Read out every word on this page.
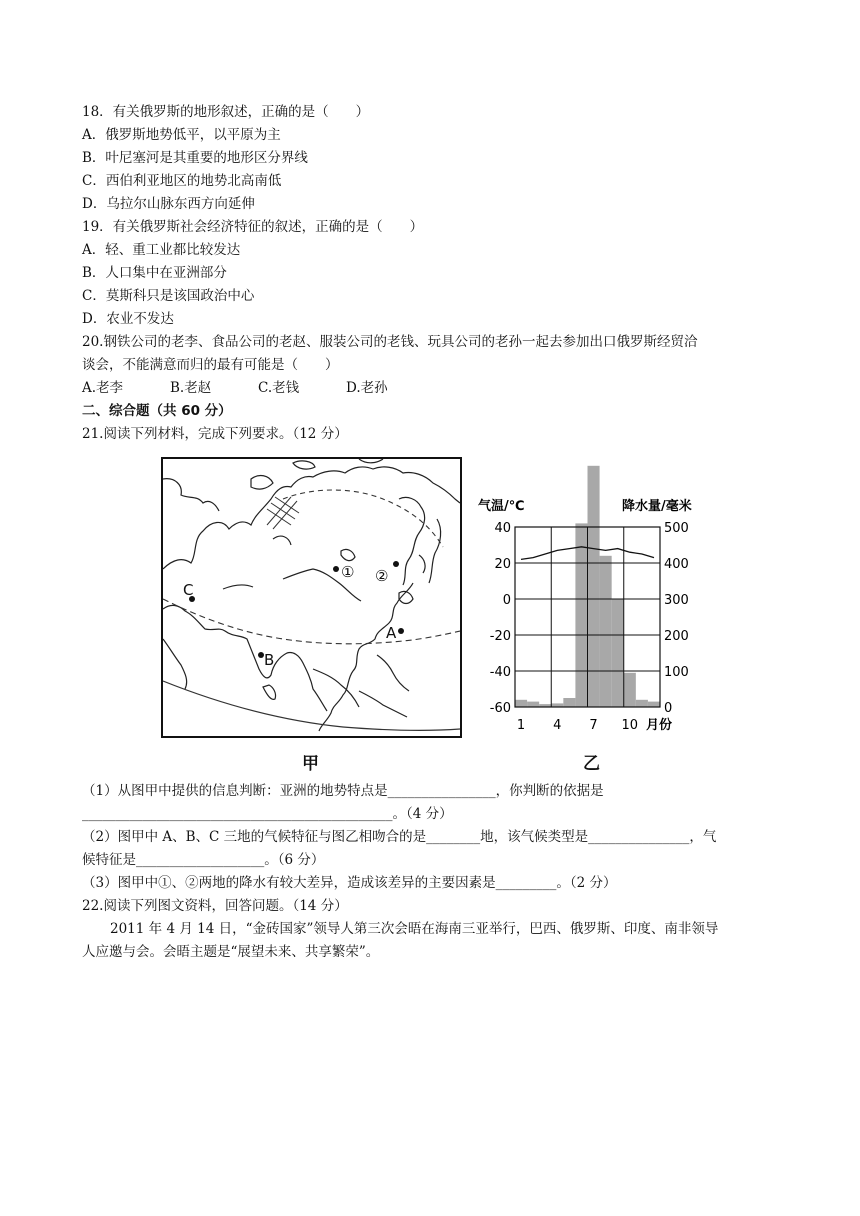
18．有关俄罗斯的地形叙述，正确的是（　　）
A．俄罗斯地势低平，以平原为主
B．叶尼塞河是其重要的地形区分界线
C．西伯利亚地区的地势北高南低
D．乌拉尔山脉东西方向延伸
19．有关俄罗斯社会经济特征的叙述，正确的是（　　）
A．轻、重工业都比较发达
B．人口集中在亚洲部分
C．莫斯科只是该国政治中心
D．农业不发达
20.钢铁公司的老李、食品公司的老赵、服装公司的老钱、玩具公司的老孙一起去参加出口俄罗斯经贸洽
谈会，不能满意而归的最有可能是（　　）
A.老李	B.老赵	C.老钱	D.老孙
二、综合题（共 60 分）
21.阅读下列材料，完成下列要求。（12 分）
① ②
C
B
A
气温/℃	降水量/毫米
40
20
0
-20
-40
-60
500
400
300
200
100
0
1 4 7 10 月份
甲	乙
（1）从图甲中提供的信息判断：亚洲的地势特点是________________，你判断的依据是
______________________________________________。（4 分）
（2）图甲中 A、B、C 三地的气候特征与图乙相吻合的是________地，该气候类型是_______________，气
候特征是___________________。（6 分）
（3）图甲中①、②两地的降水有较大差异，造成该差异的主要因素是_________。（2 分）
22.阅读下列图文资料，回答问题。（14 分）
2011 年 4 月 14 日，“金砖国家”领导人第三次会晤在海南三亚举行，巴西、俄罗斯、印度、南非领导
人应邀与会。会晤主题是“展望未来、共享繁荣”。
